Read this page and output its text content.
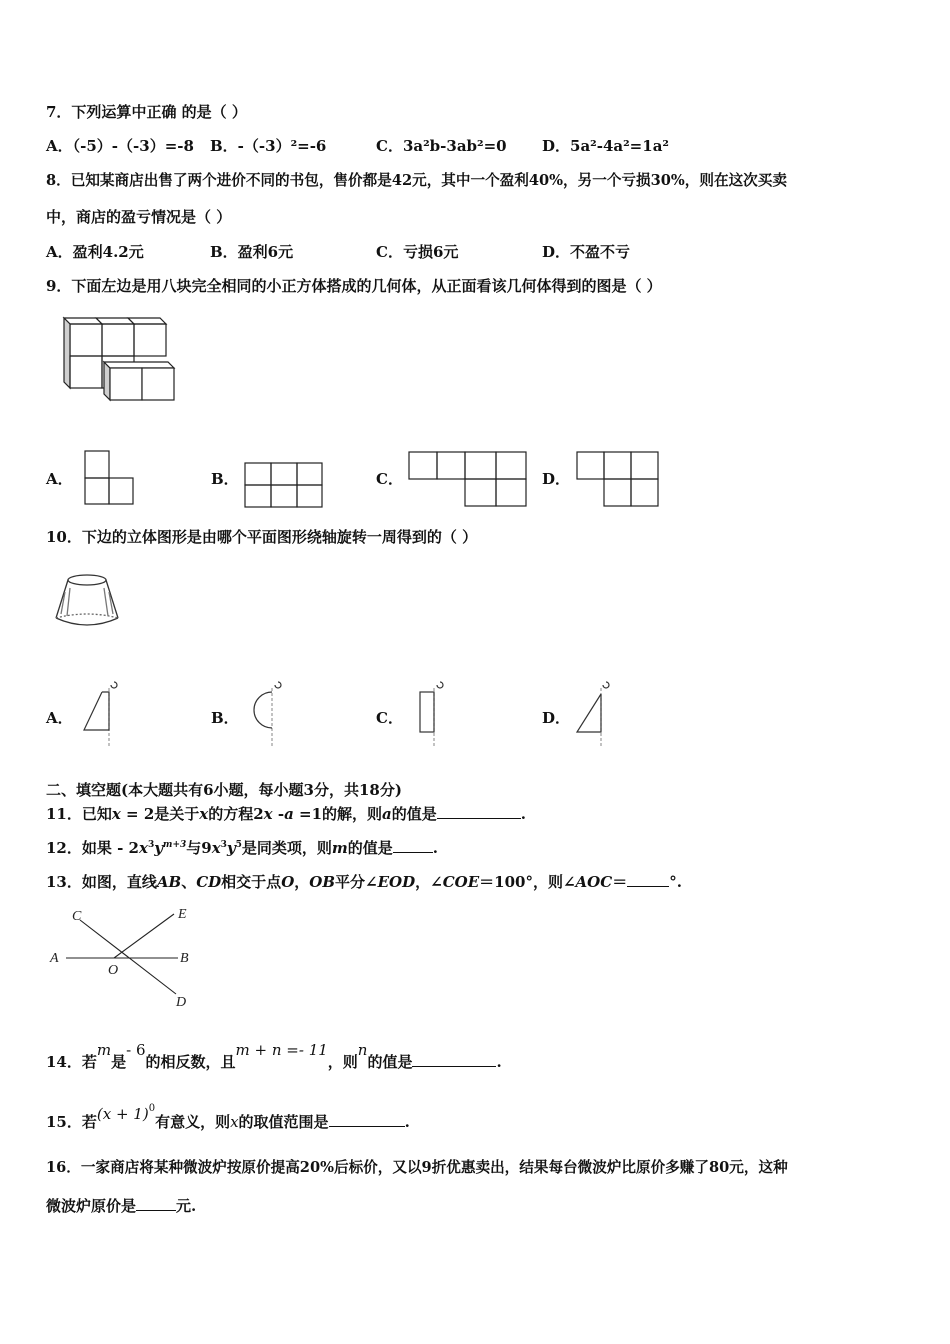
7．下列运算中正确 的是（ ）
A．（-5）-（-3）=-8 B．-（-3）²=-6	C．3a²b-3ab²=0 D．5a²-4a²=1a²
8．已知某商店出售了两个进价不同的书包，售价都是42元，其中一个盈利40%，另一个亏损30%，则在这次买卖
中，商店的盈亏情况是（ ）
A．盈利4.2元	B．盈利6元	C．亏损6元	D．不盈不亏
9．下面左边是用八块完全相同的小正方体搭成的几何体，从正面看该几何体得到的图是（ ）
A．	B．	C．	D．
10．下边的立体图形是由哪个平面图形绕轴旋转一周得到的（ ）
A．	B．	C．	D．
二、填空题(本大题共有6小题，每小题3分，共18分)
11．已知x = 2是关于x的方程2x -a =1的解，则a的值是	.
12．如果 - $2x^3y^{m+3}$与$9x^3y^5$是同类项，则m的值是	.
13．如图，直线AB、CD相交于点O，OB平分∠EOD，∠COE＝100°，则∠AOC＝	°.
C	E
A
O
B
D
14．若m是- 6的相反数，且m + n =- 11，则n的值是	.
15．若$(x + 1)^0$有意义，则x的取值范围是	.
16．一家商店将某种微波炉按原价提高20%后标价，又以9折优惠卖出，结果每台微波炉比原价多赚了80元，这种
微波炉原价是	元.
